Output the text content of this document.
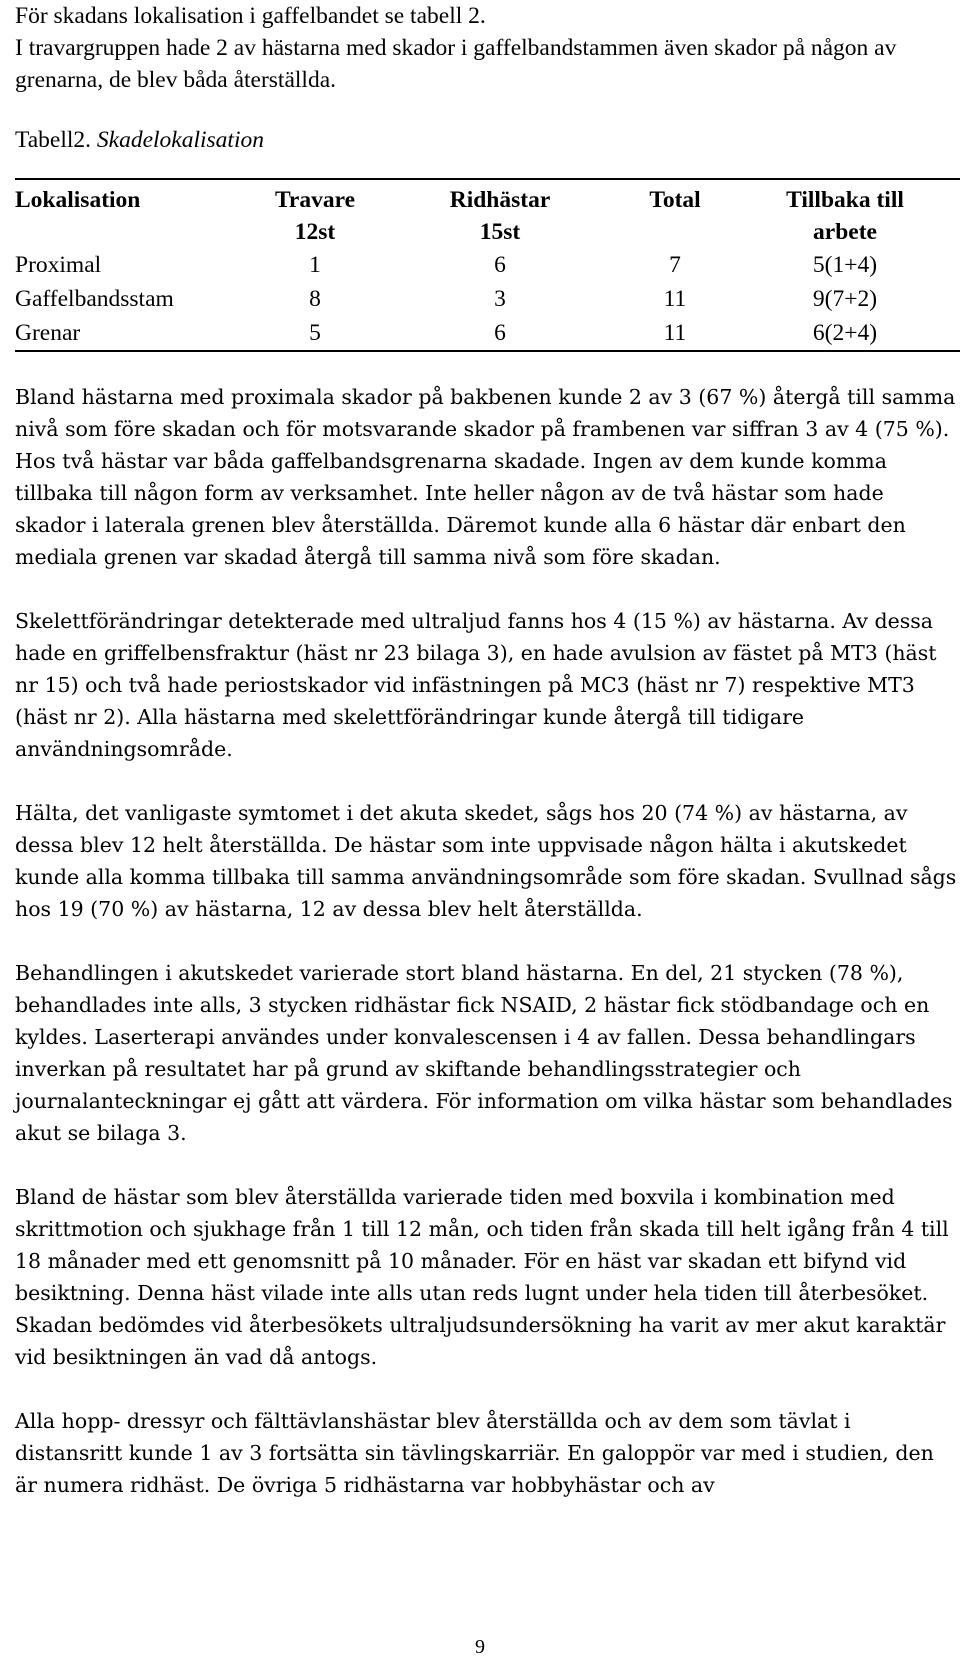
För skadans lokalisation i gaffelbandet se tabell 2.
I travargruppen hade 2 av hästarna med skador i gaffelbandstammen även skador på någon av grenarna, de blev båda återställda.
Tabell2. Skadelokalisation
Lokalisation	Travare	Ridhästar	Total	Tillbaka till
	12st	15st		arbete
Proximal	1	6	7	5(1+4)
Gaffelbandsstam	8	3	11	9(7+2)
Grenar	5	6	11	6(2+4)

Bland hästarna med proximala skador på bakbenen kunde 2 av 3 (67 %) återgå till samma nivå som före skadan och för motsvarande skador på frambenen var siffran 3 av 4 (75 %). Hos två hästar var båda gaffelbandsgrenarna skadade. Ingen av dem kunde komma tillbaka till någon form av verksamhet. Inte heller någon av de två hästar som hade skador i laterala grenen blev återställda. Däremot kunde alla 6 hästar där enbart den mediala grenen var skadad återgå till samma nivå som före skadan.

Skelettförändringar detekterade med ultraljud fanns hos 4 (15 %) av hästarna. Av dessa hade en griffelbensfraktur (häst nr 23 bilaga 3), en hade avulsion av fästet på MT3 (häst nr 15) och två hade periostskador vid infästningen på MC3 (häst nr 7) respektive MT3 (häst nr 2). Alla hästarna med skelettförändringar kunde återgå till tidigare användningsområde.

Hälta, det vanligaste symtomet i det akuta skedet, sågs hos 20 (74 %) av hästarna, av dessa blev 12 helt återställda. De hästar som inte uppvisade någon hälta i akutskedet kunde alla komma tillbaka till samma användningsområde som före skadan. Svullnad sågs hos 19 (70 %) av hästarna, 12 av dessa blev helt återställda.

Behandlingen i akutskedet varierade stort bland hästarna. En del, 21 stycken (78 %), behandlades inte alls, 3 stycken ridhästar fick NSAID, 2 hästar fick stödbandage och en kyldes. Laserterapi användes under konvalescensen i 4 av fallen. Dessa behandlingars inverkan på resultatet har på grund av skiftande behandlingsstrategier och journalanteckningar ej gått att värdera. För information om vilka hästar som behandlades akut se bilaga 3.

Bland de hästar som blev återställda varierade tiden med boxvila i kombination med skrittmotion och sjukhage från 1 till 12 mån, och tiden från skada till helt igång från 4 till 18 månader med ett genomsnitt på 10 månader. För en häst var skadan ett bifynd vid besiktning. Denna häst vilade inte alls utan reds lugnt under hela tiden till återbesöket. Skadan bedömdes vid återbesökets ultraljudsundersökning ha varit av mer akut karaktär vid besiktningen än vad då antogs.

Alla hopp- dressyr och fälttävlanshästar blev återställda och av dem som tävlat i distansritt kunde 1 av 3 fortsätta sin tävlingskarriär. En galoppör var med i studien, den är numera ridhäst. De övriga 5 ridhästarna var hobbyhästar och av

9
